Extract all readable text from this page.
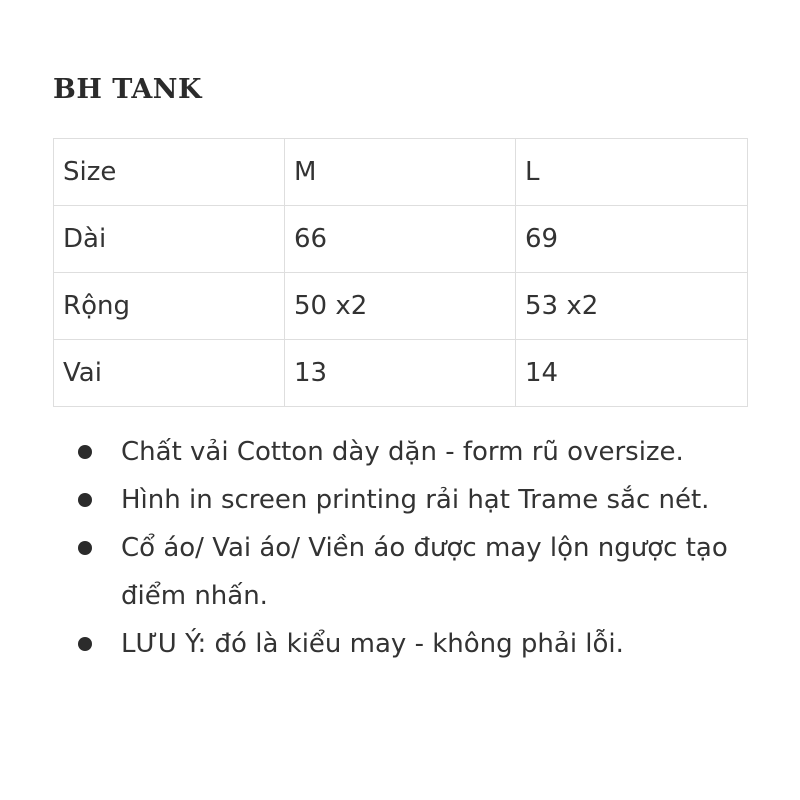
BH TANK
Size	M	L
Dài	66	69
Rộng	50 x2	53 x2
Vai	13	14
Chất vải Cotton dày dặn - form rũ oversize.
Hình in screen printing rải hạt Trame sắc nét.
Cổ áo/ Vai áo/ Viền áo được may lộn ngược tạo điểm nhấn.
LƯU Ý: đó là kiểu may - không phải lỗi.
